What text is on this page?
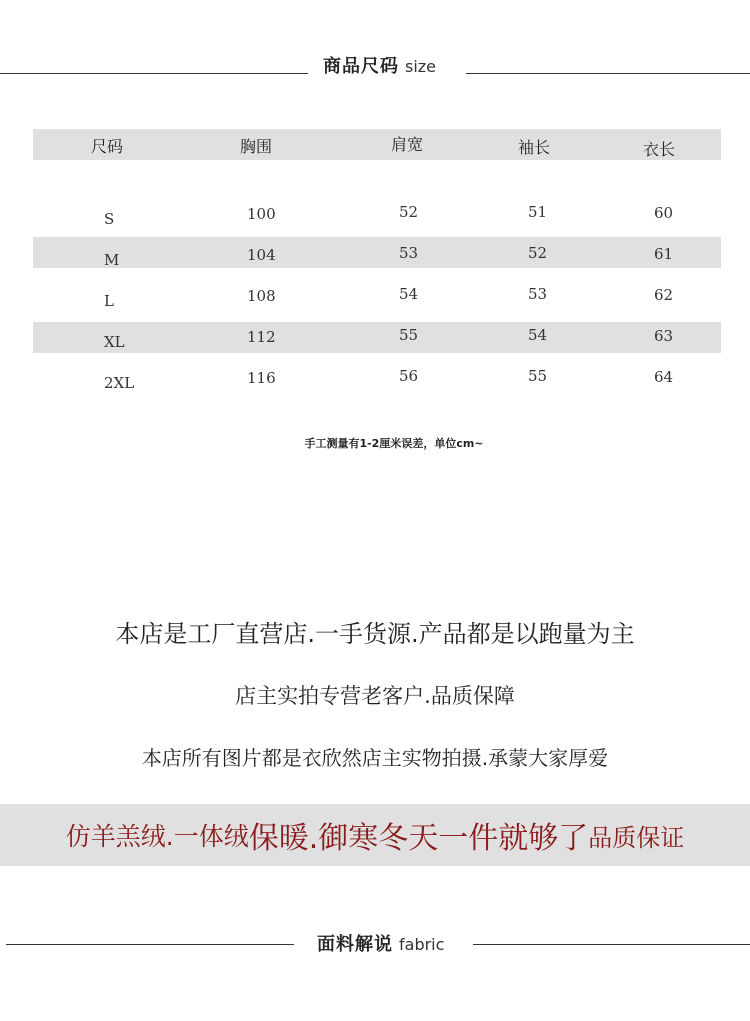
商品尺码 size
尺码	胸围	肩宽	袖长	衣长
S	100	52	51	60
M	104	53	52	61
L	108	54	53	62
XL	112	55	54	63
2XL	116	56	55	64
手工测量有1-2厘米误差，单位cm~
本店是工厂直营店.一手货源.产品都是以跑量为主
店主实拍专营老客户.品质保障
本店所有图片都是衣欣然店主实物拍摄.承蒙大家厚爱
仿羊羔绒. 一体绒 保暖. 御寒冬天一件就够了 品质保证
面料解说 fabric
